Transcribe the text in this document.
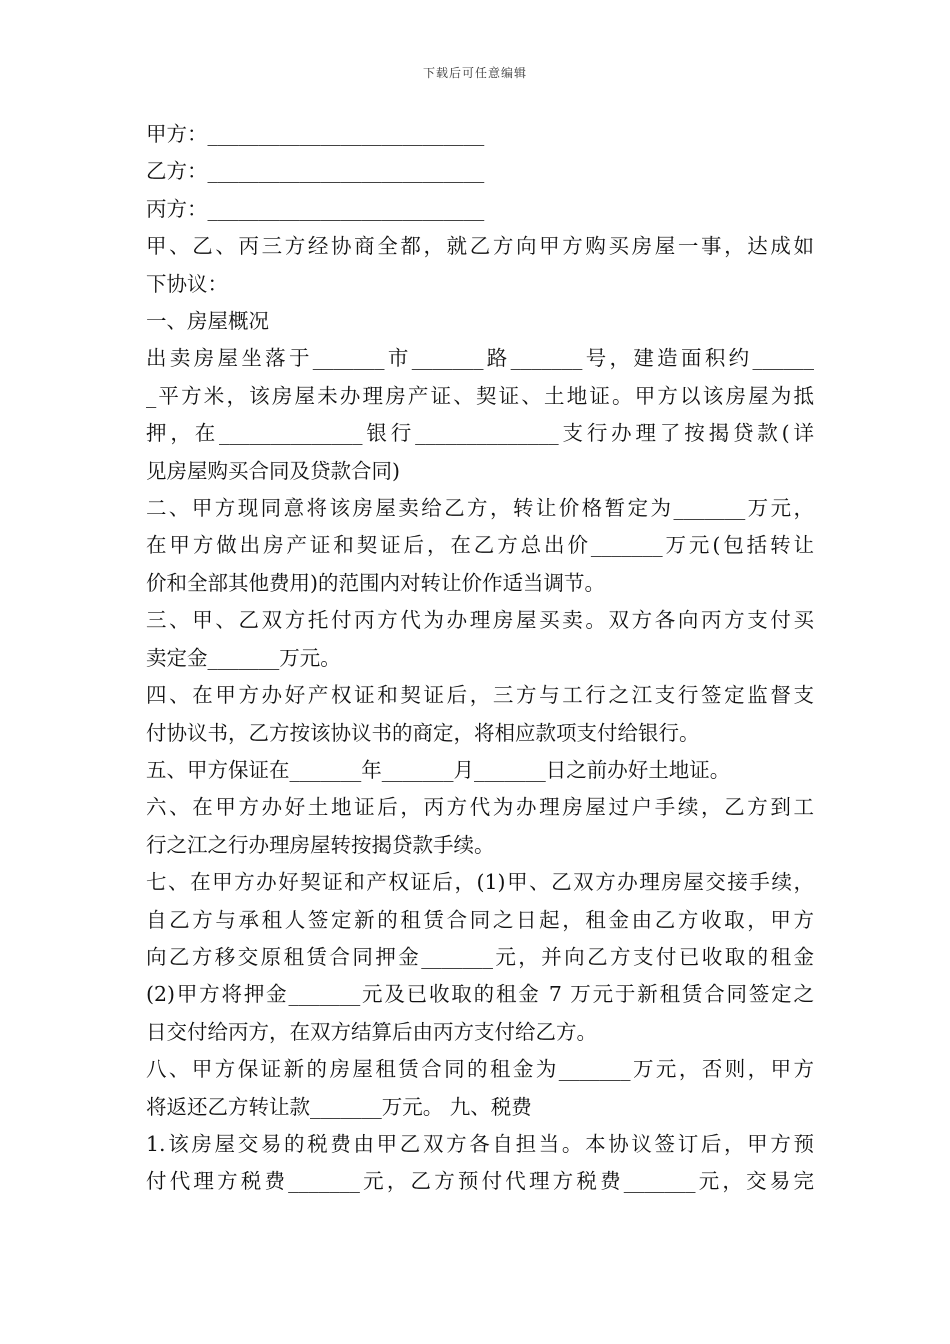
下载后可任意编辑
甲方：___________________________
乙方：___________________________
丙方：___________________________
甲、乙、丙三方经协商全都，就乙方向甲方购买房屋一事，达成如
下协议：
一、房屋概况
出卖房屋坐落于_______市_______路_______号，建造面积约______
_平方米，该房屋未办理房产证、契证、土地证。甲方以该房屋为抵
押，在______________银行______________支行办理了按揭贷款(详
见房屋购买合同及贷款合同)
二、甲方现同意将该房屋卖给乙方，转让价格暂定为_______万元，
在甲方做出房产证和契证后，在乙方总出价_______万元(包括转让
价和全部其他费用)的范围内对转让价作适当调节。
三、甲、乙双方托付丙方代为办理房屋买卖。双方各向丙方支付买
卖定金_______万元。
四、在甲方办好产权证和契证后，三方与工行之江支行签定监督支
付协议书，乙方按该协议书的商定，将相应款项支付给银行。
五、甲方保证在_______年_______月_______日之前办好土地证。
六、在甲方办好土地证后，丙方代为办理房屋过户手续，乙方到工
行之江之行办理房屋转按揭贷款手续。
七、在甲方办好契证和产权证后，(1)甲、乙双方办理房屋交接手续，
自乙方与承租人签定新的租赁合同之日起，租金由乙方收取，甲方
向乙方移交原租赁合同押金_______元，并向乙方支付已收取的租金
(2)甲方将押金_______元及已收取的租金 7 万元于新租赁合同签定之
日交付给丙方，在双方结算后由丙方支付给乙方。
八、甲方保证新的房屋租赁合同的租金为_______万元，否则，甲方
将返还乙方转让款_______万元。 九、税费
1.该房屋交易的税费由甲乙双方各自担当。本协议签订后，甲方预
付代理方税费_______元，乙方预付代理方税费_______元，交易完
